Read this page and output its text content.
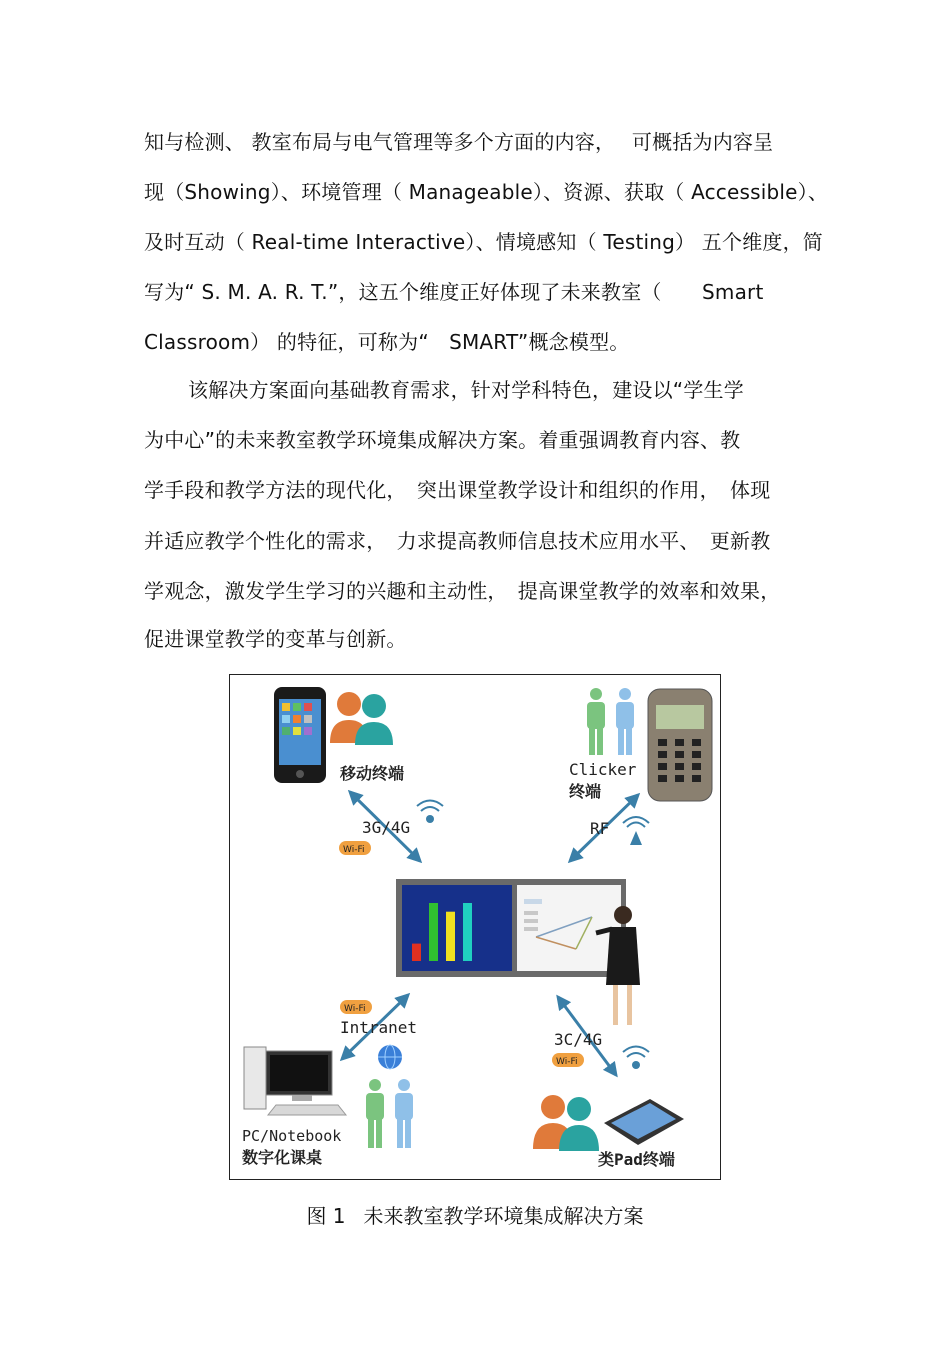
知与检测、 教室布局与电气管理等多个方面的内容，　 可概括为内容呈
现（Showing）、环境管理（ Manageable）、资源、获取（ Accessible）、
及时互动（ Real-time Interactive）、情境感知（ Testing） 五个维度，简
写为“ S. M. A. R. T.”，这五个维度正好体现了未来教室（　　Smart
Classroom） 的特征，可称为“　SMART”概念模型。
该解决方案面向基础教育需求，针对学科特色，建设以“学生学
为中心”的未来教室教学环境集成解决方案。着重强调教育内容、教
学手段和教学方法的现代化，　突出课堂教学设计和组织的作用，　体现
并适应教学个性化的需求，　力求提高教师信息技术应用水平、　更新教
学观念，激发学生学习的兴趣和主动性，　提高课堂教学的效率和效果，
促进课堂教学的变革与创新。
移动终端	Clicker
终端
3G/4G
Wi-Fi
RF
Wi-Fi
Intranet
PC/Notebook
数字化课桌
3C/4G
Wi-Fi
类Pad终端
图 1 未来教室教学环境集成解决方案
